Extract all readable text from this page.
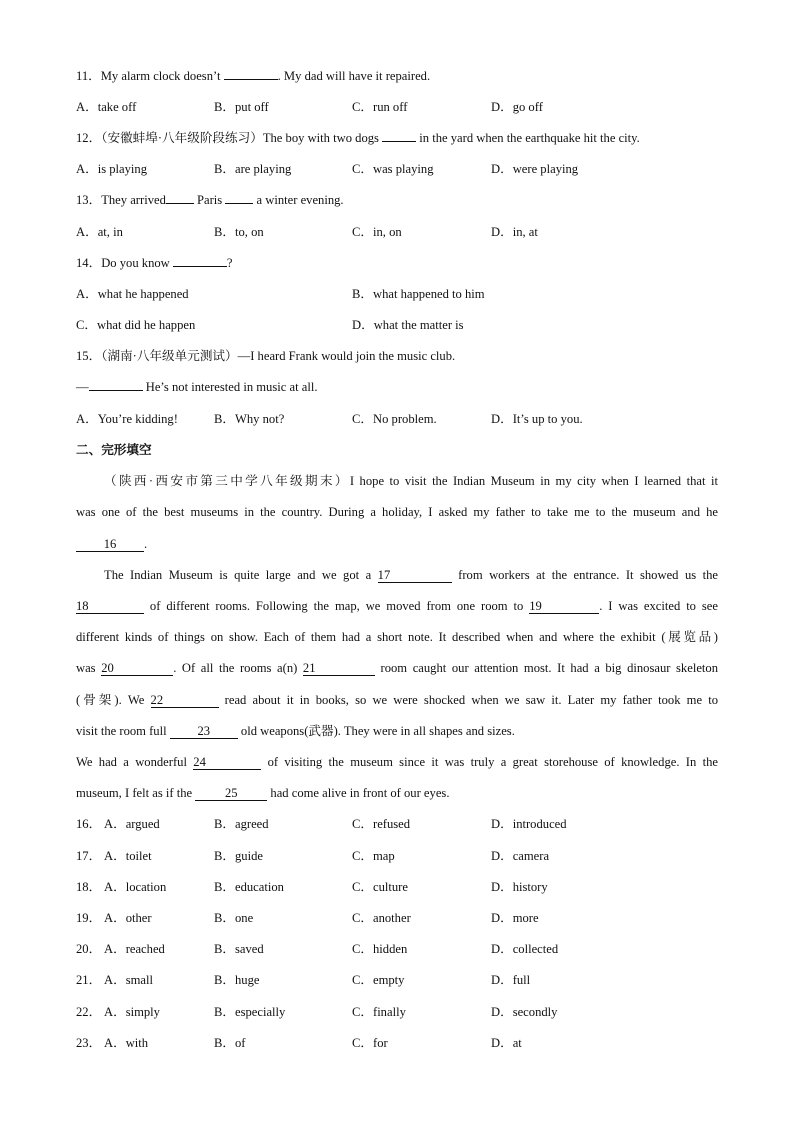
11．My alarm clock doesn’t	. My dad will have it repaired.
A．take off	B．put off	C．run off	D．go off
12．（安徽蚌埠·八年级阶段练习）The boy with two dogs	in the yard when the earthquake hit the city.
A．is playing	B．are playing	C．was playing	D．were playing
13．They arrived Paris  a winter evening.
A．at, in	B．to, on	C．in, on	D．in, at
14．Do you know	?
A．what he happened	B．what happened to him
C．what did he happen	D．what the matter is
15．（湖南·八年级单元测试）—I heard Frank would join the music club.
—	He’s not interested in music at all.
A．You’re kidding!	B．Why not?	C．No problem.	D．It’s up to you.
二、完形填空
（陕西·西安市第三中学八年级期末）I hope to visit the Indian Museum in my city when I learned that it
was one of the best museums in the country. During a holiday, I asked my father to take me to the museum and he
16 .
The Indian Museum is quite large and we got a 17	from workers at the entrance. It showed us the
18	of different rooms. Following the map, we moved from one room to 19	. I was excited to see
different kinds of things on show. Each of them had a short note. It described when and where the exhibit (展览品)
was 20	. Of all the rooms a(n) 21	room caught our attention most. It had a big dinosaur skeleton
(骨架). We 22	read about it in books, so we were shocked when we saw it. Later my father took me to
visit the room full 23 old weapons(武器). They were in all shapes and sizes.
We had a wonderful 24	of visiting the museum since it was truly a great storehouse of knowledge. In the
museum, I felt as if the 25 had come alive in front of our eyes.
16． A．argued	B．agreed	C．refused	D．introduced
17． A．toilet	B．guide	C．map	D．camera
18． A．location	B．education	C．culture	D．history
19． A．other	B．one	C．another	D．more
20． A．reached	B．saved	C．hidden	D．collected
21． A．small	B．huge	C．empty	D．full
22． A．simply	B．especially	C．finally	D．secondly
23． A．with	B．of	C．for	D．at
